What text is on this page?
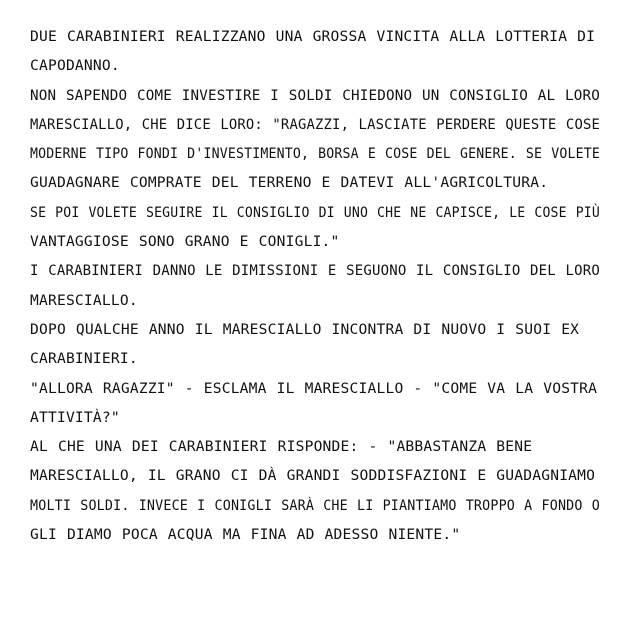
DUE CARABINIERI REALIZZANO UNA GROSSA VINCITA ALLA LOTTERIA DI
CAPODANNO.
NON SAPENDO COME INVESTIRE I SOLDI CHIEDONO UN CONSIGLIO AL LORO
MARESCIALLO, CHE DICE LORO: "RAGAZZI, LASCIATE PERDERE QUESTE COSE
MODERNE TIPO FONDI D'INVESTIMENTO, BORSA E COSE DEL GENERE. SE VOLETE
GUADAGNARE COMPRATE DEL TERRENO E DATEVI ALL'AGRICOLTURA.
SE POI VOLETE SEGUIRE IL CONSIGLIO DI UNO CHE NE CAPISCE, LE COSE PIÙ
VANTAGGIOSE SONO GRANO E CONIGLI."
I CARABINIERI DANNO LE DIMISSIONI E SEGUONO IL CONSIGLIO DEL LORO
MARESCIALLO.
DOPO QUALCHE ANNO IL MARESCIALLO INCONTRA DI NUOVO I SUOI EX
CARABINIERI.
"ALLORA RAGAZZI" - ESCLAMA IL MARESCIALLO - "COME VA LA VOSTRA
ATTIVITÀ?"
AL CHE UNA DEI CARABINIERI RISPONDE: - "ABBASTANZA BENE
MARESCIALLO, IL GRANO CI DÀ GRANDI SODDISFAZIONI E GUADAGNIAMO
MOLTI SOLDI. INVECE I CONIGLI SARÀ CHE LI PIANTIAMO TROPPO A FONDO O
GLI DIAMO POCA ACQUA MA FINA AD ADESSO NIENTE."
